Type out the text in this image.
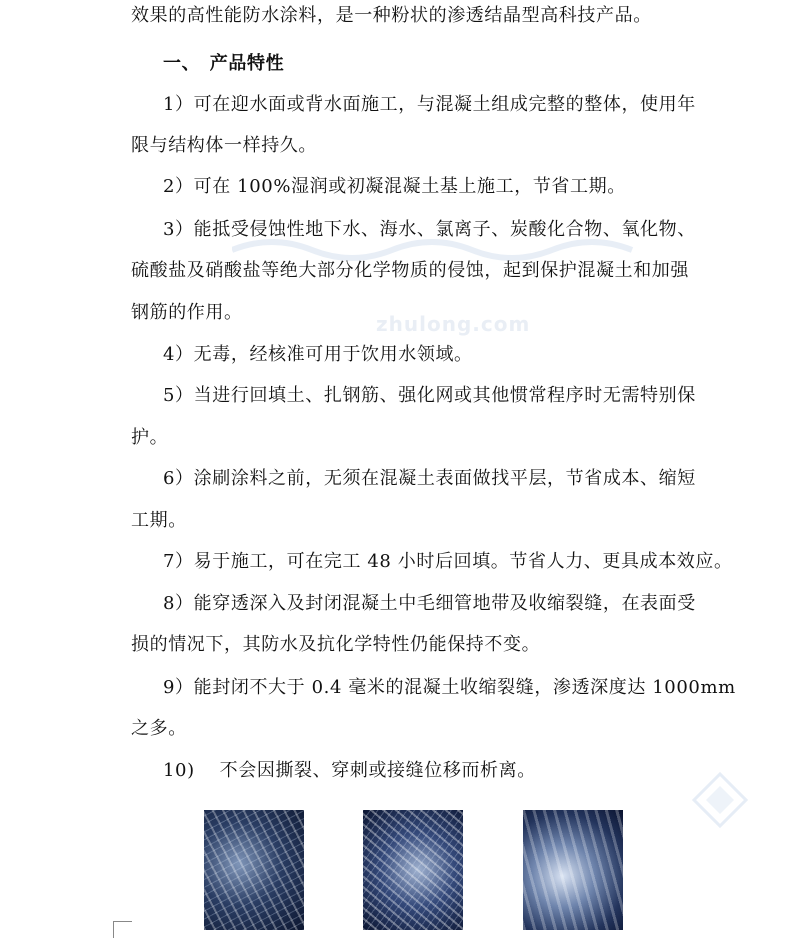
效果的高性能防水涂料，是一种粉状的渗透结晶型高科技产品。
一、　产品特性
1）可在迎水面或背水面施工，与混凝土组成完整的整体，使用年
限与结构体一样持久。
2）可在 100%湿润或初凝混凝土基上施工，节省工期。
3）能抵受侵蚀性地下水、海水、氯离子、炭酸化合物、氧化物、
硫酸盐及硝酸盐等绝大部分化学物质的侵蚀，起到保护混凝土和加强
钢筋的作用。	zhulong.com
4）无毒，经核准可用于饮用水领域。
5）当进行回填土、扎钢筋、强化网或其他惯常程序时无需特别保
护。
6）涂刷涂料之前，无须在混凝土表面做找平层，节省成本、缩短
工期。
7）易于施工，可在完工 48 小时后回填。节省人力、更具成本效应。
8）能穿透深入及封闭混凝土中毛细管地带及收缩裂缝，在表面受
损的情况下，其防水及抗化学特性仍能保持不变。
9）能封闭不大于 0.4 毫米的混凝土收缩裂缝，渗透深度达 1000mm
之多。
10)　 不会因撕裂、穿刺或接缝位移而析离。
